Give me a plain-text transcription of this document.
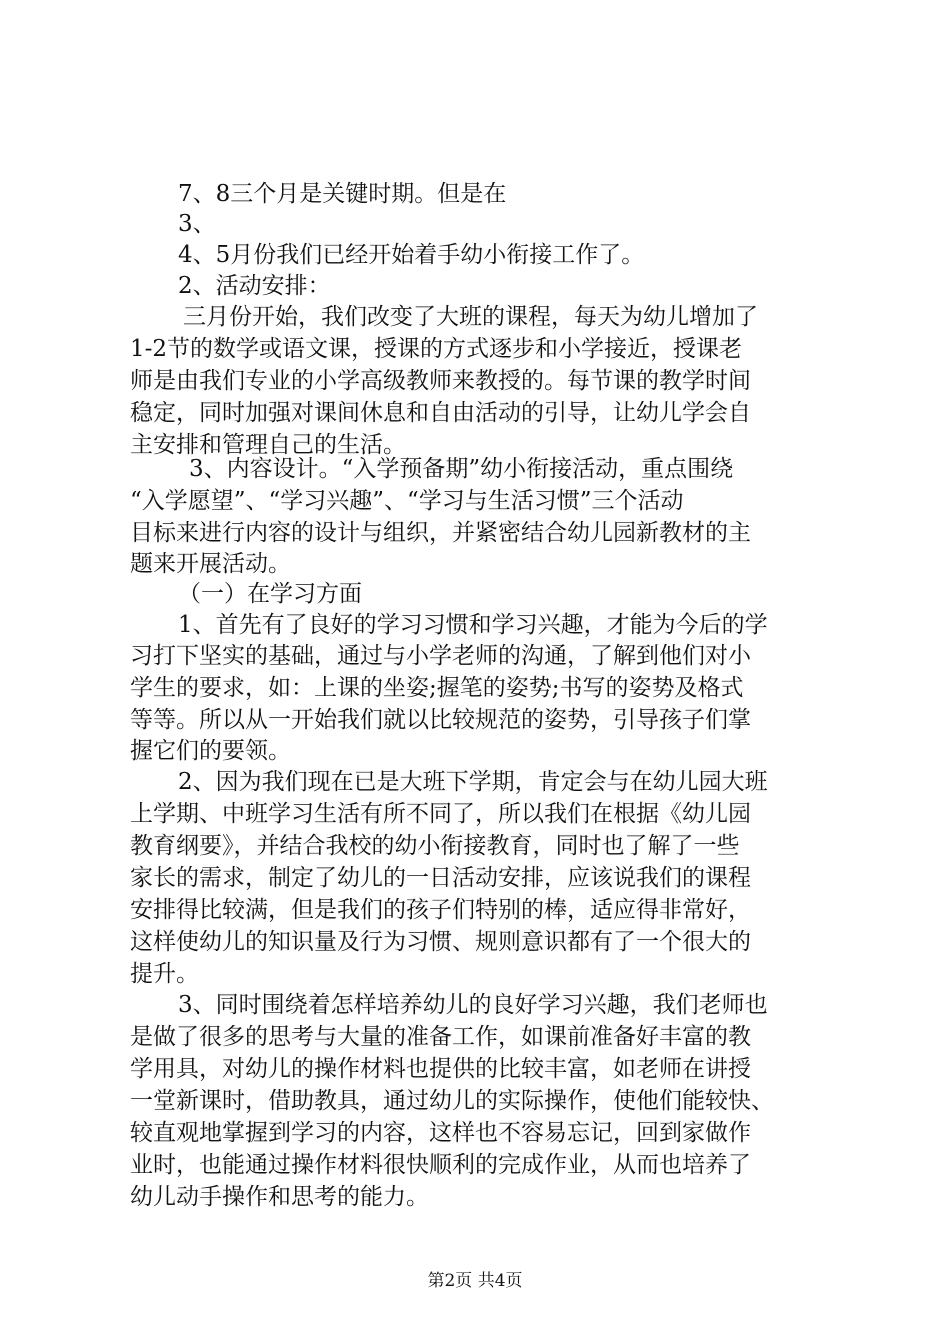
7、8三个月是关键时期。但是在
3、
4、5月份我们已经开始着手幼小衔接工作了。
2、活动安排：
三月份开始，我们改变了大班的课程，每天为幼儿增加了
1-2节的数学或语文课，授课的方式逐步和小学接近，授课老
师是由我们专业的小学高级教师来教授的。每节课的教学时间
稳定，同时加强对课间休息和自由活动的引导，让幼儿学会自
主安排和管理自己的生活。
3、内容设计。“入学预备期”幼小衔接活动，重点围绕
“入学愿望”、“学习兴趣”、“学习与生活习惯”三个活动
目标来进行内容的设计与组织，并紧密结合幼儿园新教材的主
题来开展活动。
（一）在学习方面
1、首先有了良好的学习习惯和学习兴趣，才能为今后的学
习打下坚实的基础，通过与小学老师的沟通，了解到他们对小
学生的要求，如：上课的坐姿;握笔的姿势;书写的姿势及格式
等等。所以从一开始我们就以比较规范的姿势，引导孩子们掌
握它们的要领。
2、因为我们现在已是大班下学期，肯定会与在幼儿园大班
上学期、中班学习生活有所不同了，所以我们在根据《幼儿园
教育纲要》，并结合我校的幼小衔接教育，同时也了解了一些
家长的需求，制定了幼儿的一日活动安排，应该说我们的课程
安排得比较满，但是我们的孩子们特别的棒，适应得非常好，
这样使幼儿的知识量及行为习惯、规则意识都有了一个很大的
提升。
3、同时围绕着怎样培养幼儿的良好学习兴趣，我们老师也
是做了很多的思考与大量的准备工作，如课前准备好丰富的教
学用具，对幼儿的操作材料也提供的比较丰富，如老师在讲授
一堂新课时，借助教具，通过幼儿的实际操作，使他们能较快、
较直观地掌握到学习的内容，这样也不容易忘记，回到家做作
业时，也能通过操作材料很快顺利的完成作业，从而也培养了
幼儿动手操作和思考的能力。
第2页 共4页
